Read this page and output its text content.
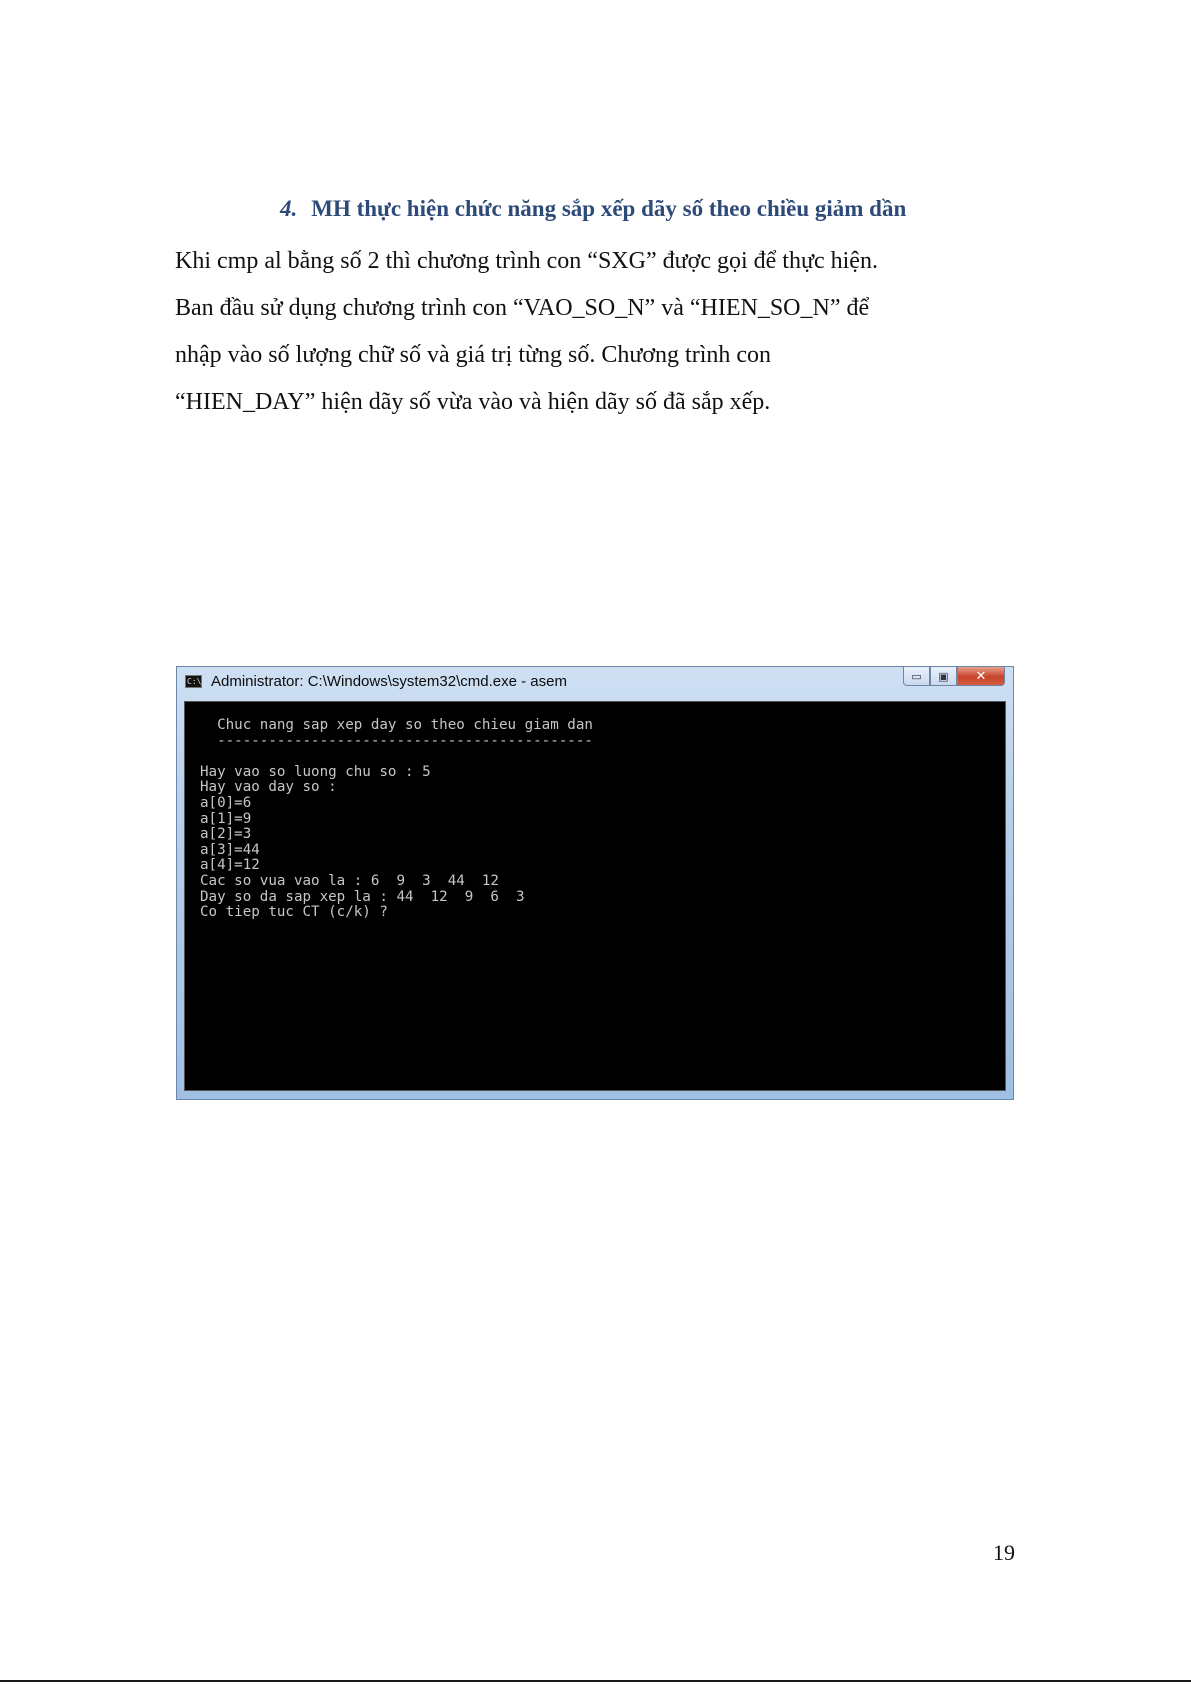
4. MH thực hiện chức năng sắp xếp dãy số theo chiều giảm dần
Khi cmp al bằng số 2 thì chương trình con “SXG” được gọi để thực hiện.
Ban đầu sử dụng chương trình con “VAO_SO_N” và “HIEN_SO_N” để
nhập vào số lượng chữ số và giá trị từng số. Chương trình con
“HIEN_DAY” hiện dãy số vừa vào và hiện dãy số đã sắp xếp.
C:\ Administrator: C:\Windows\system32\cmd.exe - asem	▭	▣	✕
Chuc nang sap xep day so theo chieu giam dan
--------------------------------------------
Hay vao so luong chu so : 5
Hay vao day so :
a[0]=6
a[1]=9
a[2]=3
a[3]=44
a[4]=12
Cac so vua vao la : 6  9  3  44  12
Day so da sap xep la : 44  12  9  6  3
Co tiep tuc CT (c/k) ?
19
